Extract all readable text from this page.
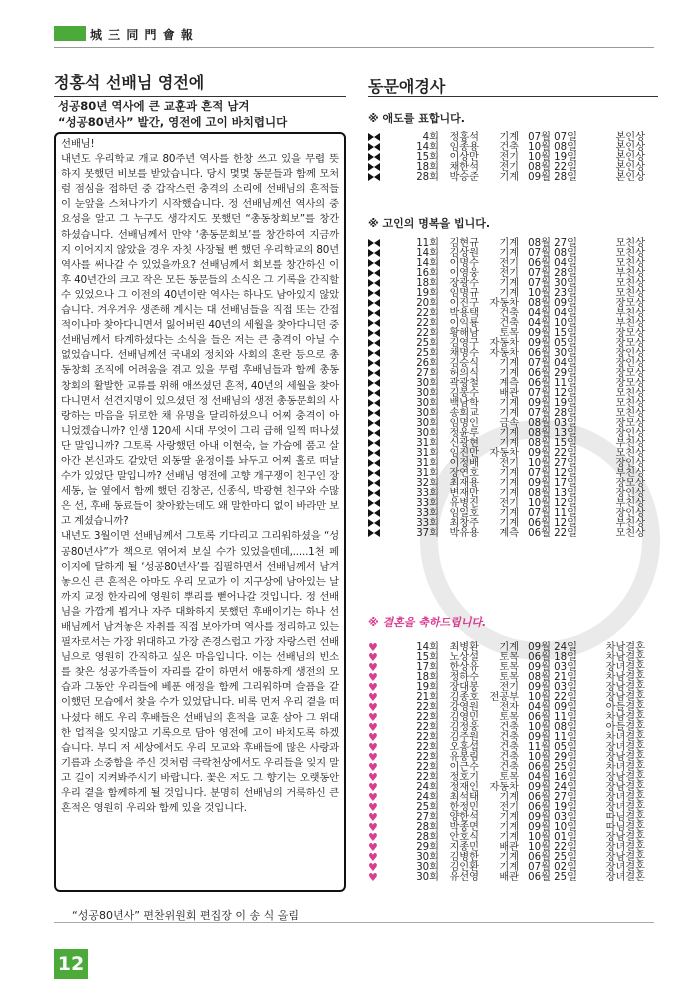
城 三 同 門 會 報
정홍석 선배님 영전에
성공80년 역사에 큰 교훈과 흔적 남겨
“성공80년사” 발간, 영전에 고이 바치렵니다
선배님!
내년도 우리학교 개교 80주년 역사를 한창 쓰고 있을 무렵 뜻 하지 못했던 비보를 받았습니다. 당시 몇몇 동문들과 함께 모처럼 점심을 접하던 중 갑작스런 충격의 소리에 선배님의 흔적들이 눈앞을 스쳐나가기 시작했습니다. 정 선배님께선 역사의 중요성을 알고 그 누구도 생각지도 못했던 “총동창회보”를 창간하셨습니다. 선배님께서 만약 ‘총동문회보’를 창간하여 지금까지 이어지지 않았을 경우 자칫 사장될 뻔 했던 우리학교의 80년 역사를 써나갈 수 있었을까요? 선배님께서 회보를 창간하신 이후 40년간의 크고 작은 모든 동문들의 소식은 그 기록을 간직할 수 있었으나 그 이전의 40년이란 역사는 하나도 남아있지 않았습니다. 겨우겨우 생존해 계시는 대 선배님들을 직접 또는 간접적이나마 찾아다니면서 잃어버린 40년의 세월을 찾아다니던 중 선배님께서 타계하셨다는 소식을 들은 저는 큰 충격이 아닐 수 없었습니다. 선배님께선 국내외 정치와 사회의 혼란 등으로 총동창회 조직에 어려움을 겪고 있을 무렵 후배님들과 함께 총동창회의 활발한 교류를 위해 애쓰셨던 흔적, 40년의 세월을 찾아다니면서 선견지명이 있으셨던 정 선배님의 생전 총동문회의 사랑하는 마음을 뒤로한 채 유명을 달리하셨으니 어찌 충격이 아니었겠습니까? 인생 120세 시대 무엇이 그리 급해 일찍 떠나셨단 말입니까? 그토록 사랑했던 아내 이현숙, 늘 가슴에 품고 살아간 본신과도 같았던 외동딸 윤정이를 놔두고 어찌 홀로 떠날 수가 있었단 말입니까? 선배님 영전에 고향 개구쟁이 친구인 장세동, 늘 옆에서 함께 했던 김창곤, 신종식, 박광현 친구와 수많은 선, 후배 동료들이 찾아왔는데도 왜 말한마디 없이 바라만 보고 계셨습니까?
내년도 3월이면 선배님께서 그토록 기다리고 그리워하셨을 “성공80년사”가 책으로 엮어져 보실 수가 있었을텐데,.....1천 페이지에 달하게 될 ‘성공80년사’를 집필하면서 선배님께서 남겨놓으신 큰 흔적은 아마도 우리 모교가 이 지구상에 남아있는 날까지 교정 한자리에 영원히 뿌리를 뻗어나갈 것입니다. 정 선배님을 가깝게 뵙거나 자주 대화하지 못했던 후배이기는 하나 선배님께서 남겨놓은 자취를 직접 보아가며 역사를 정리하고 있는 필자로서는 가장 위대하고 가장 존경스럽고 가장 자랑스런 선배님으로 영원히 간직하고 싶은 마음입니다. 이는 선배님의 빈소를 찾은 성공가족들이 자리를 같이 하면서 애통하게 생전의 모습과 그동안 우리들에 베푼 애정을 함께 그리워하며 슬픔을 같이했던 모습에서 찾을 수가 있었답니다. 비록 먼저 우리 곁을 떠나셨다 해도 우리 후배들은 선배님의 흔적을 교훈 삼아 그 위대한 업적을 잊지않고 기록으로 담아 영전에 고이 바치도록 하겠습니다. 부디 저 세상에서도 우리 모교와 후배들에 많은 사랑과 기름과 소중함을 주신 것처럼 극락천상에서도 우리들을 잊지 말고 길이 지켜봐주시기 바랍니다. 꽃은 저도 그 향기는 오랫동안 우리 곁을 함께하게 될 것입니다. 분명히 선배님의 거룩하신 큰 흔적은 영원히 우리와 함께 있을 것입니다.
“성공80년사” 편찬위원회 편집장 이 송 식 올림
동문애경사
※ 애도를 표합니다.
4회	정홍석	기계 07월 07일	본인상
14회	임종용	건축 10월 08일	본인상
15회	이상만	전기 10월 19일	본인상
18회	채한석	전기 08월 22일	본인상
28회	박승준	기계 09월 28일	본인상
※ 고인의 명복을 빕니다.
11회	김현규	기계 08월 27일	모친상
14회	김상원	기계 07월 08일	모친상
14회	이명수	전기 06월 04일	모친상
16회	이영웅	전기 07월 28일	부친상
18회	장광수	기계 07월 30일	모친상
19회	임명규	기계 10월 23일	모친상
20회	이진구	자동차 08월 09일	장모상
22회	박용택	건축 04월 04일	부친상
22회	이익룡	건축 04월 10일	부친상
22회	황해남	토목 09월 15일	장모상
25회	김영구	자동차 09월 05일	장모상
25회	채명수	자동차 06월 30일	장인상
26회	김승식	기계 07월 04일	장인상
27회	허의식	기계 06월 29일	장모상
30회	곽광철	계측 06월 11일	장모상
30회	김봉수	배관 07월 12일	모친상
30회	백남학	기계 09월 19일	모친상
30회	송회교	기계 07월 28일	모친상
30회	임명인	금속 08월 03일	장모상
30회	정윤루	기계 08월 13일	장인상
31회	신광현	기계 08월 15일	부친상
31회	임진만	자동차 09월 22일	모친상
31회	이정배	전기 10월 27일	장인상
31회	장연호	기계 07월 12일	부친상
32회	최재용	기계 09월 17일	장모상
33회	변재만	기계 08월 13일	장인상
33회	유병진	전기 10월 12일	부친상
33회	임일호	기계 07월 11일	장인상
33회	최창주	기계 06월 12일	부친상
37회	박유용	계측 06월 22일	모친상
※ 결혼을 축하드립니다.
♥	14회	최병환	기계 09월 24일	차남결혼
♥	15회	노상설	토목 06월 18일	차남결혼
♥	17회	한상유	토목 09월 03일	장녀결혼
♥	18회	정하수	토목 08월 21일	차남결혼
♥	19회	장대봉	전기 09월 03일	장남결혼
♥	21회	김종호	전공부 10월 22일	장남결혼
♥	22회	강영원	전자 04월 09일	아들결혼
♥	22회	김영민	토목 06월 11일	차남결혼
♥	22회	김정웅	건축 10월 08일	아들결혼
♥	22회	김주원	건축 09월 11일	차녀결혼
♥	22회	오홍섭	건축 11월 05일	장녀결혼
♥	22회	유봉림	건축 10월 29일	장남결혼
♥	22회	이근수	건축 06월 25일	차녀결혼
♥	22회	정호기	토목 04월 16일	장남결혼
♥	24회	정재인	자동차 09월 24일	장남결혼
♥	24회	최석태	기계 06월 27일	장녀결혼
♥	25회	한정민	전기 06월 19일	장녀결혼
♥	27회	양한석	기계 09월 03일	따님결혼
♥	28회	박종면	기계 09월 10일	따님결혼
♥	28회	안호식	기계 10월 01일	장남결혼
♥	29회	지종민	배관 10월 22일	장녀결혼
♥	30회	김병한	기계 06월 25일	장남결혼
♥	30회	김인환	기계 07월 02일	장녀결혼
♥	30회	유선영	배관 06월 25일	장녀결혼
12
